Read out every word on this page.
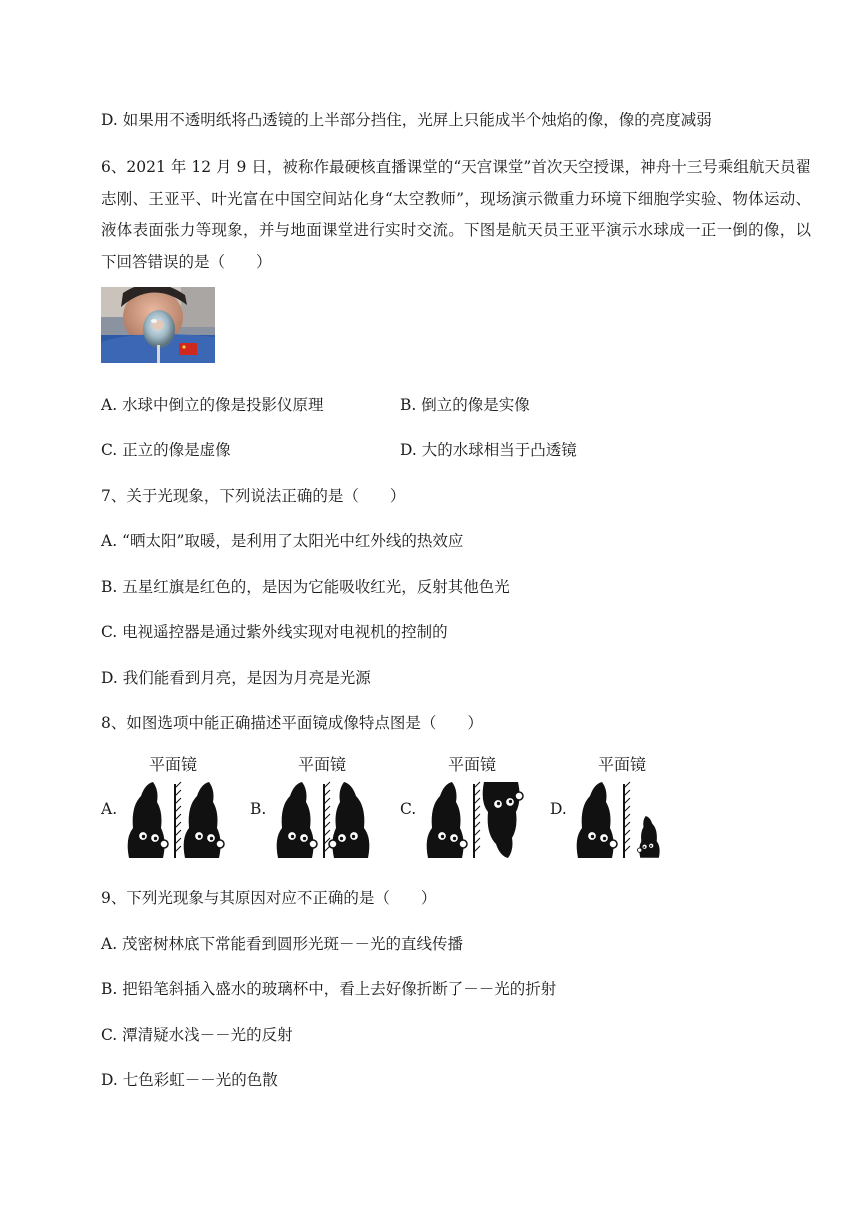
D. 如果用不透明纸将凸透镜的上半部分挡住，光屏上只能成半个烛焰的像，像的亮度减弱
6、2021 年 12 月 9 日，被称作最硬核直播课堂的“天宫课堂”首次天空授课，神舟十三号乘组航天员翟志刚、王亚平、叶光富在中国空间站化身“太空教师”，现场演示微重力环境下细胞学实验、物体运动、液体表面张力等现象，并与地面课堂进行实时交流。下图是航天员王亚平演示水球成一正一倒的像，以下回答错误的是（　　）
A. 水球中倒立的像是投影仪原理	B. 倒立的像是实像
C. 正立的像是虚像	D. 大的水球相当于凸透镜
7、关于光现象，下列说法正确的是（　　）
A. “晒太阳”取暖，是利用了太阳光中红外线的热效应
B. 五星红旗是红色的，是因为它能吸收红光，反射其他色光
C. 电视遥控器是通过紫外线实现对电视机的控制的
D. 我们能看到月亮，是因为月亮是光源
8、如图选项中能正确描述平面镜成像特点图是（　　）
A.
平面镜
B.
平面镜
C.
平面镜
D.
平面镜
9、下列光现象与其原因对应不正确的是（　　）
A. 茂密树林底下常能看到圆形光斑－－光的直线传播
B. 把铅笔斜插入盛水的玻璃杯中，看上去好像折断了－－光的折射
C. 潭清疑水浅－－光的反射
D. 七色彩虹－－光的色散
